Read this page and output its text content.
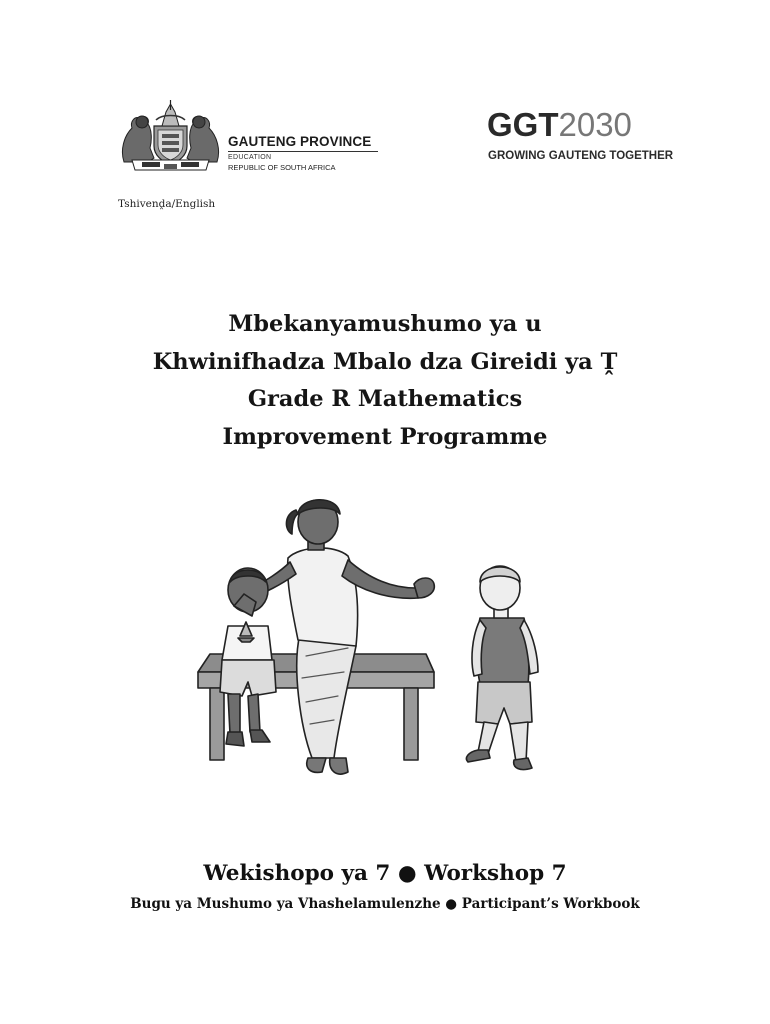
GAUTENG PROVINCE
EDUCATION
REPUBLIC OF SOUTH AFRICA
GGT2030
GROWING GAUTENG TOGETHER
Tshivenḓa/English
Mbekanyamushumo ya u
Khwinifhadza Mbalo dza Gireidi ya Ṱ
Grade R Mathematics
Improvement Programme
Wekishopo ya 7 ● Workshop 7
Bugu ya Mushumo ya Vhashelamulenzhe ● Participant’s Workbook
